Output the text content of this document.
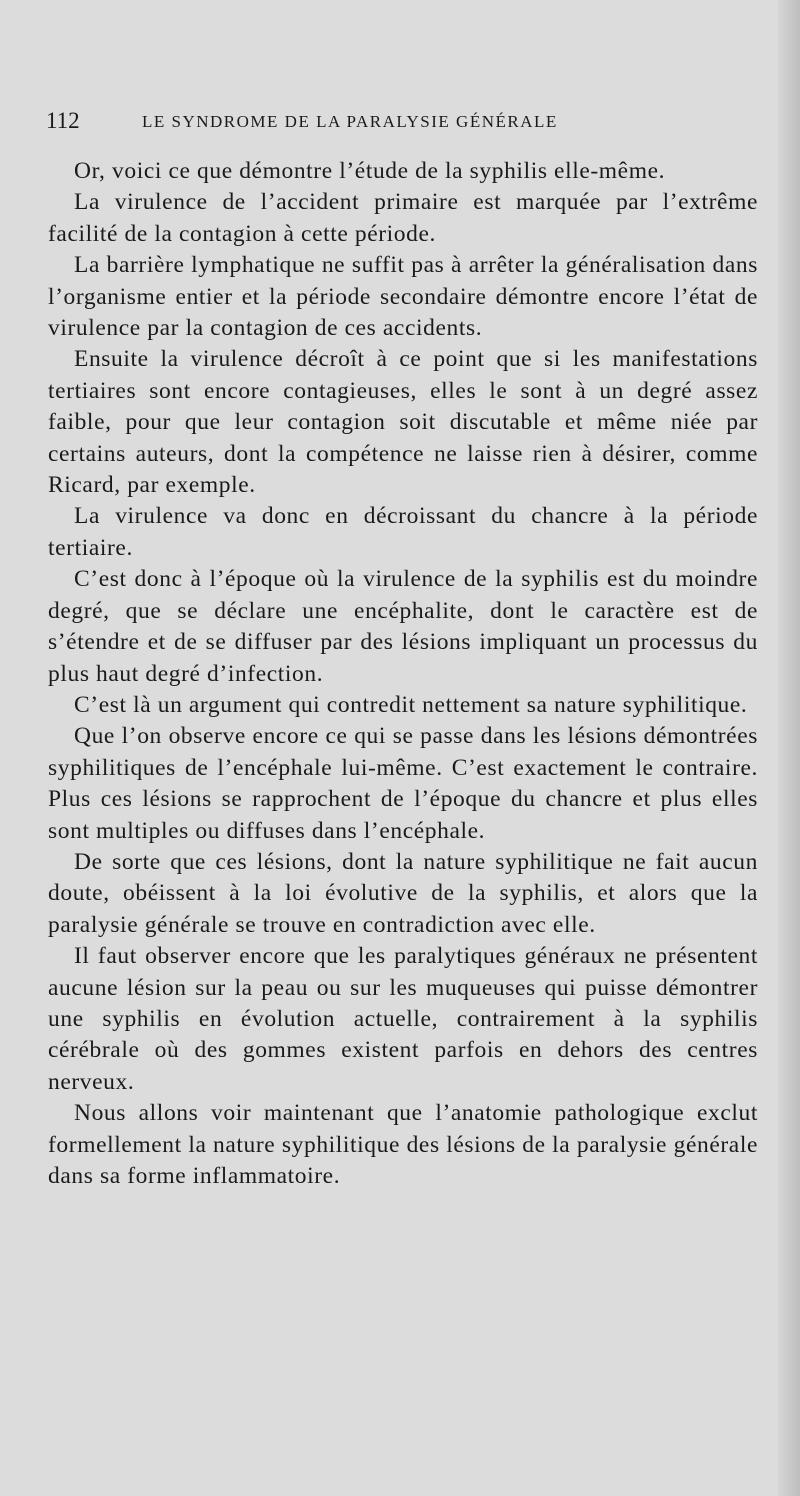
112	LE SYNDROME DE LA PARALYSIE GÉNÉRALE

Or, voici ce que démontre l’étude de la syphilis elle-même.

La virulence de l’accident primaire est marquée par l’extrême facilité de la contagion à cette période.

La barrière lymphatique ne suffit pas à arrêter la généralisation dans l’organisme entier et la période secondaire démontre encore l’état de virulence par la contagion de ces accidents.

Ensuite la virulence décroît à ce point que si les manifestations tertiaires sont encore contagieuses, elles le sont à un degré assez faible, pour que leur contagion soit discutable et même niée par certains auteurs, dont la compétence ne laisse rien à désirer, comme Ricard, par exemple.

La virulence va donc en décroissant du chancre à la période tertiaire.

C’est donc à l’époque où la virulence de la syphilis est du moindre degré, que se déclare une encéphalite, dont le caractère est de s’étendre et de se diffuser par des lésions impliquant un processus du plus haut degré d’infection.

C’est là un argument qui contredit nettement sa nature syphilitique.

Que l’on observe encore ce qui se passe dans les lésions démontrées syphilitiques de l’encéphale lui-même. C’est exactement le contraire. Plus ces lésions se rapprochent de l’époque du chancre et plus elles sont multiples ou diffuses dans l’encéphale.

De sorte que ces lésions, dont la nature syphilitique ne fait aucun doute, obéissent à la loi évolutive de la syphilis, et alors que la paralysie générale se trouve en contradiction avec elle.

Il faut observer encore que les paralytiques généraux ne présentent aucune lésion sur la peau ou sur les muqueuses qui puisse démontrer une syphilis en évolution actuelle, contrairement à la syphilis cérébrale où des gommes existent parfois en dehors des centres nerveux.

Nous allons voir maintenant que l’anatomie pathologique exclut formellement la nature syphilitique des lésions de la paralysie générale dans sa forme inflammatoire.
